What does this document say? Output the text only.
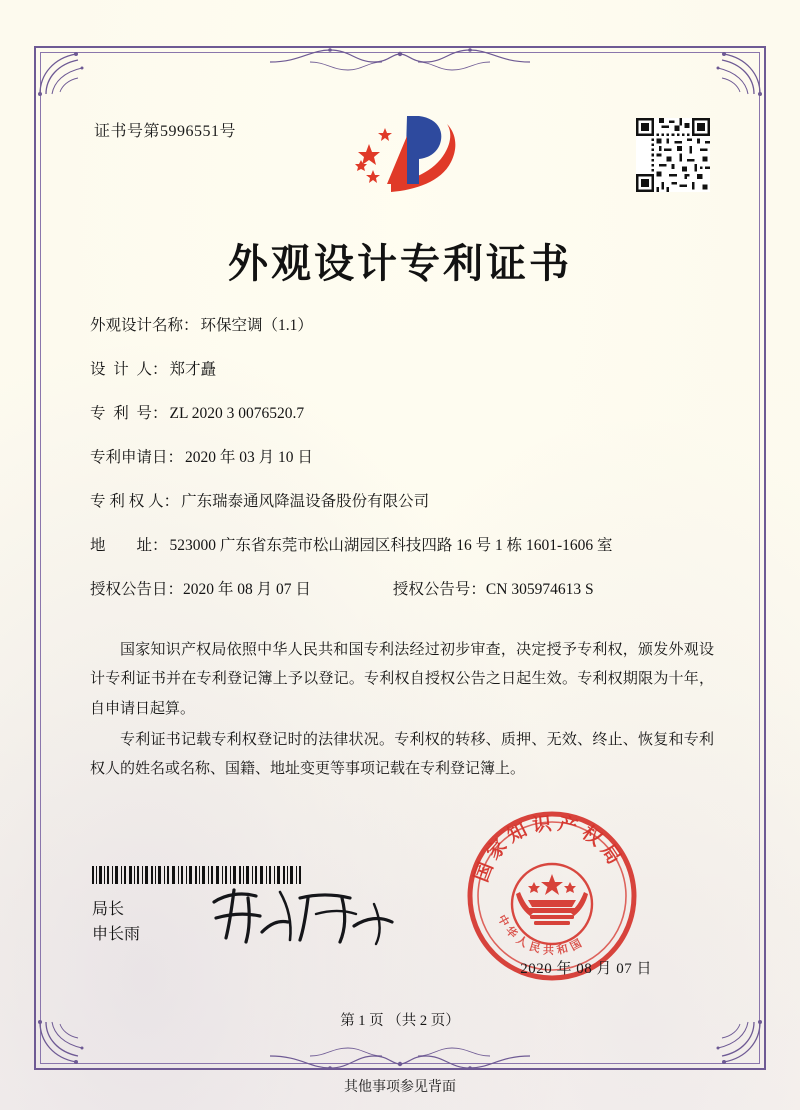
证书号第5996551号
外观设计专利证书
外观设计名称： 环保空调（1.1）
设  计  人： 郑才矗
专  利  号： ZL 2020 3 0076520.7
专利申请日： 2020 年 03 月 10 日
专 利 权 人： 广东瑞泰通风降温设备股份有限公司
地        址： 523000 广东省东莞市松山湖园区科技四路 16 号 1 栋 1601-1606 室
授权公告日： 2020 年 08 月 07 日	授权公告号： CN 305974613 S

国家知识产权局依照中华人民共和国专利法经过初步审查，决定授予专利权，颁发外观设计专利证书并在专利登记簿上予以登记。专利权自授权公告之日起生效。专利权期限为十年，自申请日起算。

专利证书记载专利权登记时的法律状况。专利权的转移、质押、无效、终止、恢复和专利权人的姓名或名称、国籍、地址变更等事项记载在专利登记簿上。

局长
申长雨
国家知识产权局
中华人民共和国
2020 年 08 月 07 日
第 1 页 （共 2 页）
其他事项参见背面
